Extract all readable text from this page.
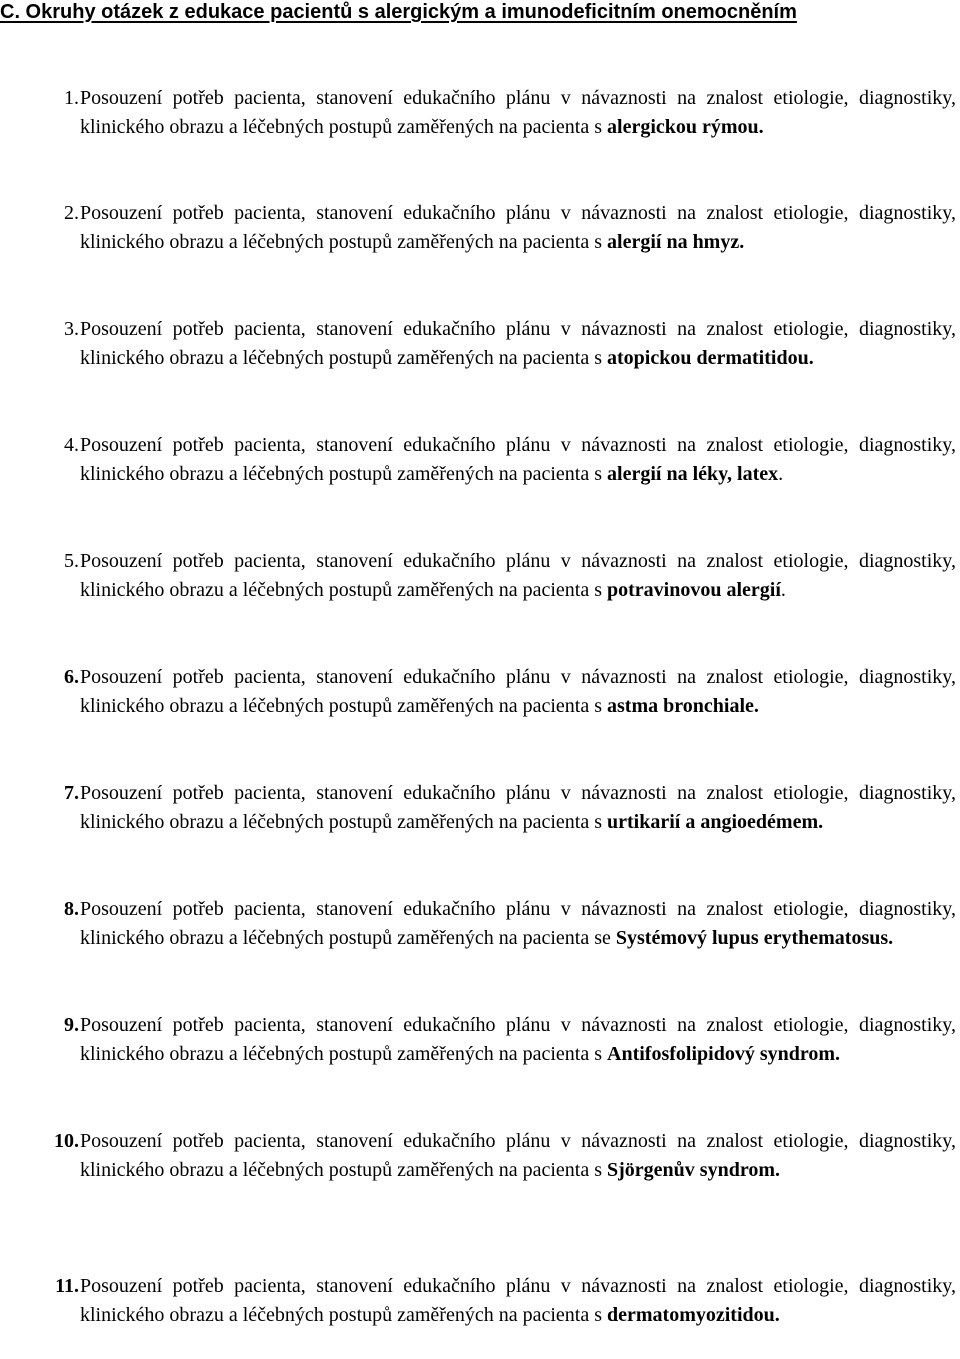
C. Okruhy otázek z edukace pacientů s alergickým a imunodeficitním onemocněním
1. Posouzení potřeb pacienta, stanovení edukačního plánu v návaznosti na znalost etiologie, diagnostiky, klinického obrazu a léčebných postupů zaměřených na pacienta s alergickou rýmou.
2. Posouzení potřeb pacienta, stanovení edukačního plánu v návaznosti na znalost etiologie, diagnostiky, klinického obrazu a léčebných postupů zaměřených na pacienta s alergií na hmyz.
3. Posouzení potřeb pacienta, stanovení edukačního plánu v návaznosti na znalost etiologie, diagnostiky, klinického obrazu a léčebných postupů zaměřených na pacienta s atopickou dermatitidou.
4. Posouzení potřeb pacienta, stanovení edukačního plánu v návaznosti na znalost etiologie, diagnostiky, klinického obrazu a léčebných postupů zaměřených na pacienta s alergií na léky, latex.
5. Posouzení potřeb pacienta, stanovení edukačního plánu v návaznosti na znalost etiologie, diagnostiky, klinického obrazu a léčebných postupů zaměřených na pacienta s potravinovou alergií.
6. Posouzení potřeb pacienta, stanovení edukačního plánu v návaznosti na znalost etiologie, diagnostiky, klinického obrazu a léčebných postupů zaměřených na pacienta s astma bronchiale.
7. Posouzení potřeb pacienta, stanovení edukačního plánu v návaznosti na znalost etiologie, diagnostiky, klinického obrazu a léčebných postupů zaměřených na pacienta s urtikarií a angioedémem.
8. Posouzení potřeb pacienta, stanovení edukačního plánu v návaznosti na znalost etiologie, diagnostiky, klinického obrazu a léčebných postupů zaměřených na pacienta se Systémový lupus erythematosus.
9. Posouzení potřeb pacienta, stanovení edukačního plánu v návaznosti na znalost etiologie, diagnostiky, klinického obrazu a léčebných postupů zaměřených na pacienta s Antifosfolipidový syndrom.
10. Posouzení potřeb pacienta, stanovení edukačního plánu v návaznosti na znalost etiologie, diagnostiky, klinického obrazu a léčebných postupů zaměřených na pacienta s Sjörgenův syndrom.
11. Posouzení potřeb pacienta, stanovení edukačního plánu v návaznosti na znalost etiologie, diagnostiky, klinického obrazu a léčebných postupů zaměřených na pacienta s dermatomyozitidou.
